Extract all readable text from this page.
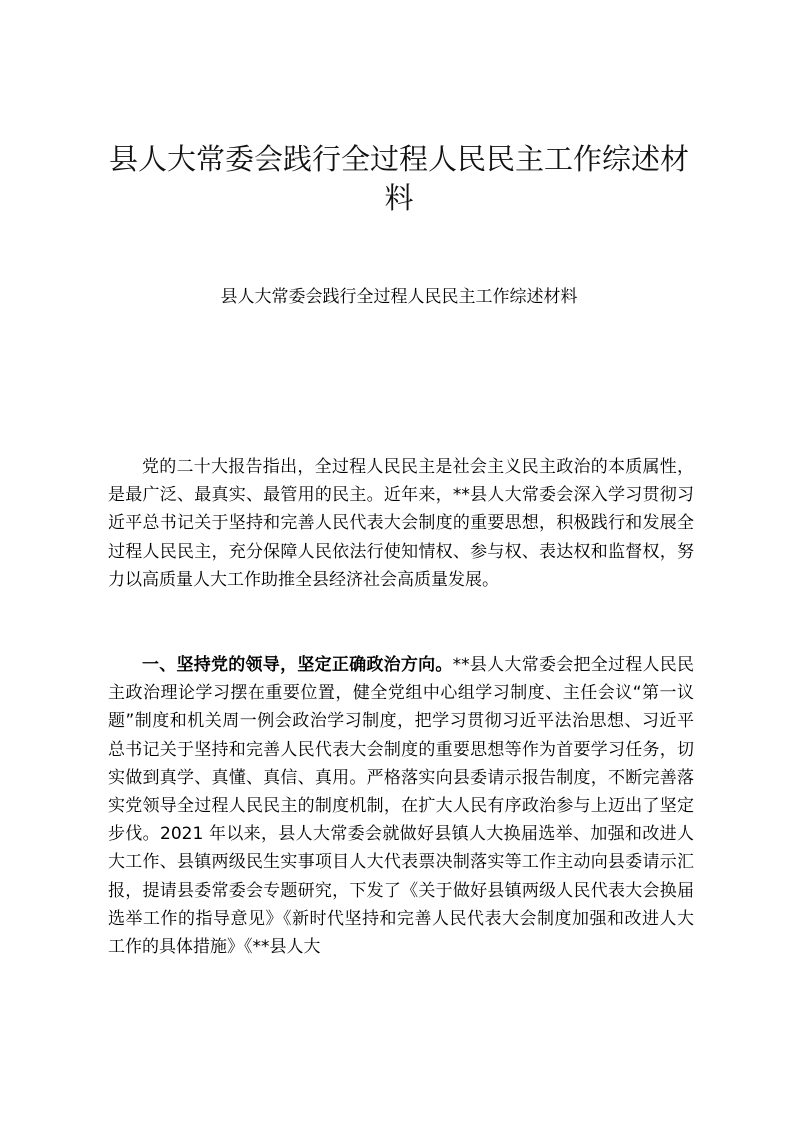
县人大常委会践行全过程人民民主工作综述材料

县人大常委会践行全过程人民民主工作综述材料

党的二十大报告指出，全过程人民民主是社会主义民主政治的本质属性，是最广泛、最真实、最管用的民主。近年来，**县人大常委会深入学习贯彻习近平总书记关于坚持和完善人民代表大会制度的重要思想，积极践行和发展全过程人民民主，充分保障人民依法行使知情权、参与权、表达权和监督权，努力以高质量人大工作助推全县经济社会高质量发展。

一、坚持党的领导，坚定正确政治方向。**县人大常委会把全过程人民民主政治理论学习摆在重要位置，健全党组中心组学习制度、主任会议“第一议题”制度和机关周一例会政治学习制度，把学习贯彻习近平法治思想、习近平总书记关于坚持和完善人民代表大会制度的重要思想等作为首要学习任务，切实做到真学、真懂、真信、真用。严格落实向县委请示报告制度，不断完善落实党领导全过程人民民主的制度机制，在扩大人民有序政治参与上迈出了坚定步伐。2021 年以来，县人大常委会就做好县镇人大换届选举、加强和改进人大工作、县镇两级民生实事项目人大代表票决制落实等工作主动向县委请示汇报，提请县委常委会专题研究，下发了《关于做好县镇两级人民代表大会换届选举工作的指导意见》《新时代坚持和完善人民代表大会制度加强和改进人大工作的具体措施》《**县人大
